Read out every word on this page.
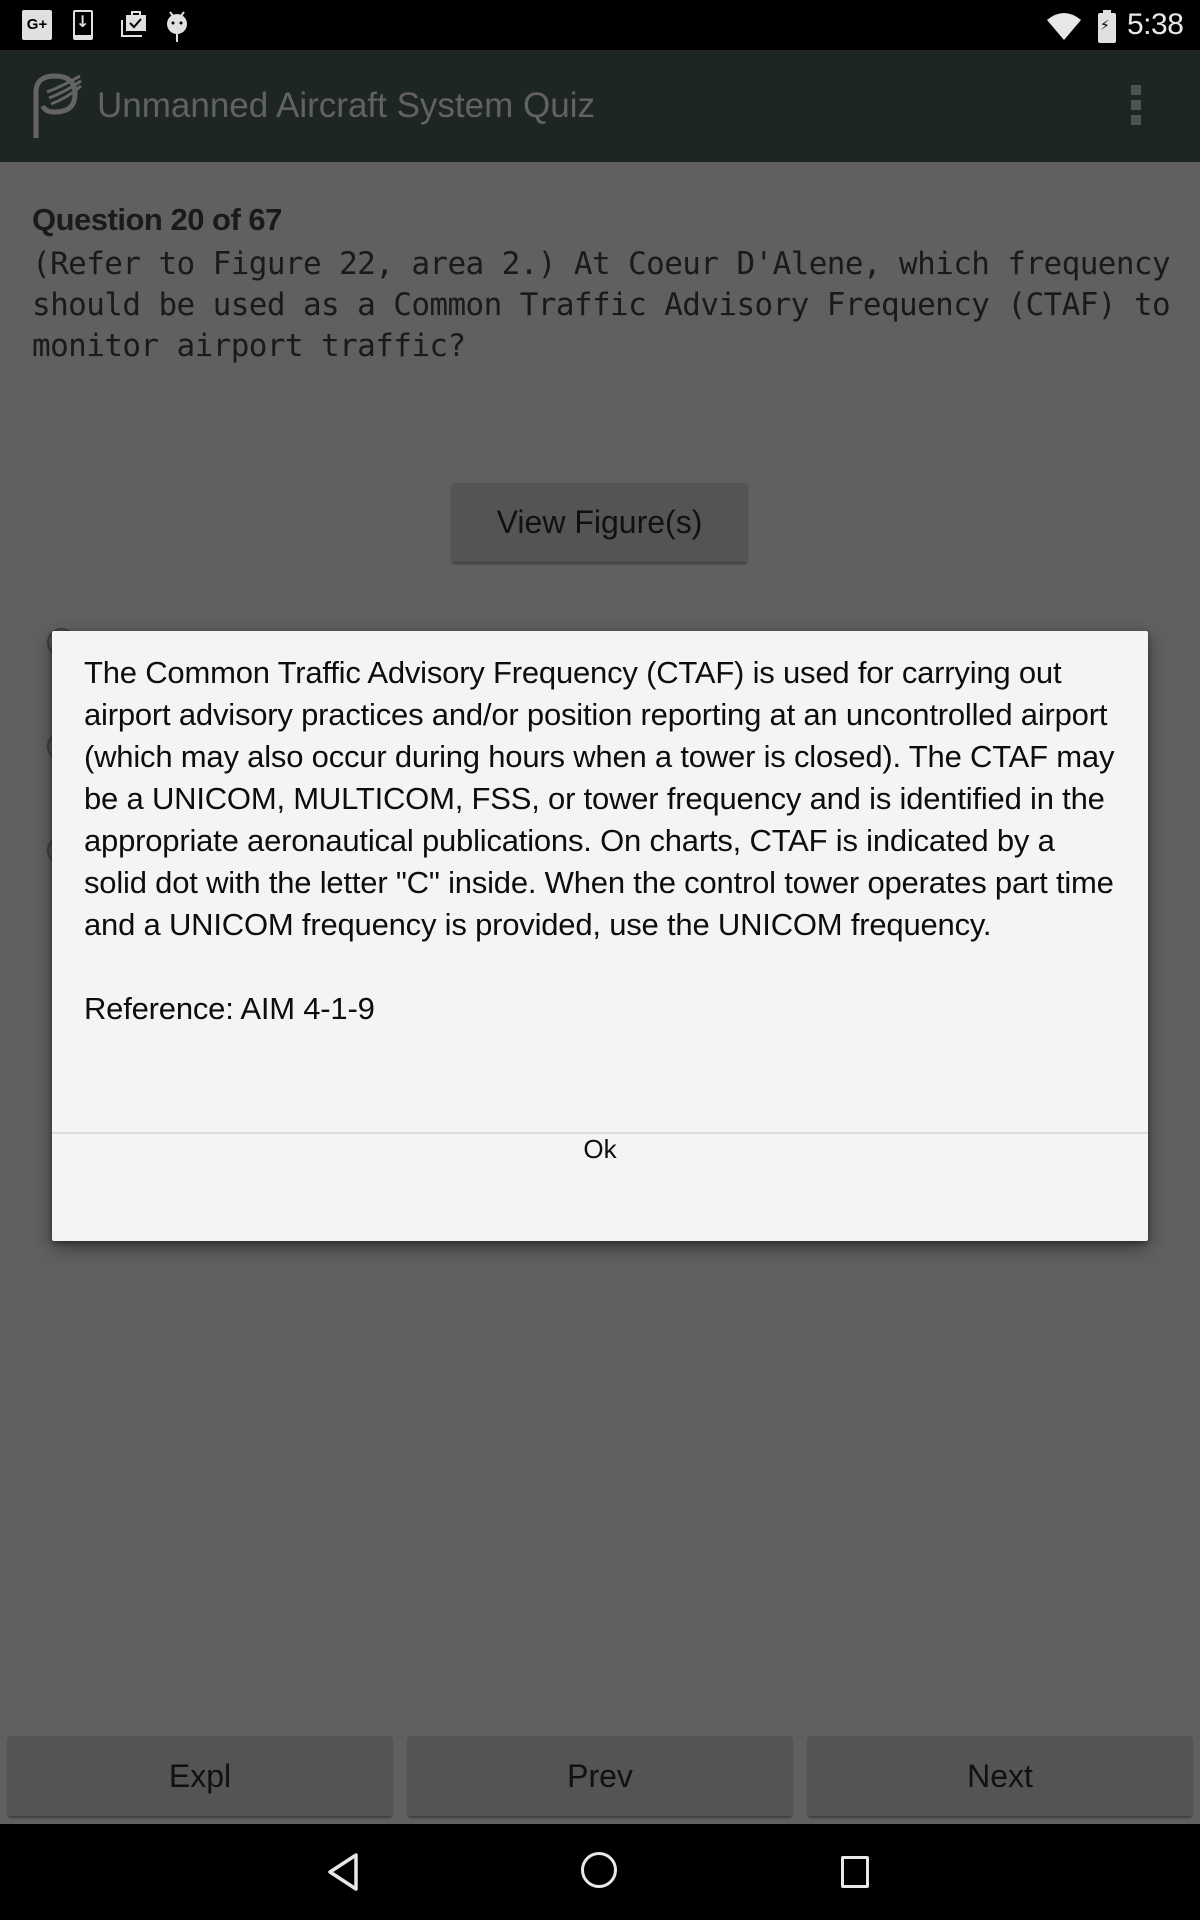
G+ ↓ ⚡	5:38
Unmanned Aircraft System Quiz
Question 20 of 67
(Refer to Figure 22, area 2.) At Coeur D'Alene, which frequency should be used as a Common Traffic Advisory Frequency (CTAF) to monitor airport traffic?
View Figure(s)
Expl	Prev	Next

The Common Traffic Advisory Frequency (CTAF) is used for carrying out airport advisory practices and/or position reporting at an uncontrolled airport (which may also occur during hours when a tower is closed). The CTAF may be a UNICOM, MULTICOM, FSS, or tower frequency and is identified in the appropriate aeronautical publications. On charts, CTAF is indicated by a solid dot with the letter "C" inside. When the control tower operates part time and a UNICOM frequency is provided, use the UNICOM frequency.

Reference: AIM 4-1-9

Ok
